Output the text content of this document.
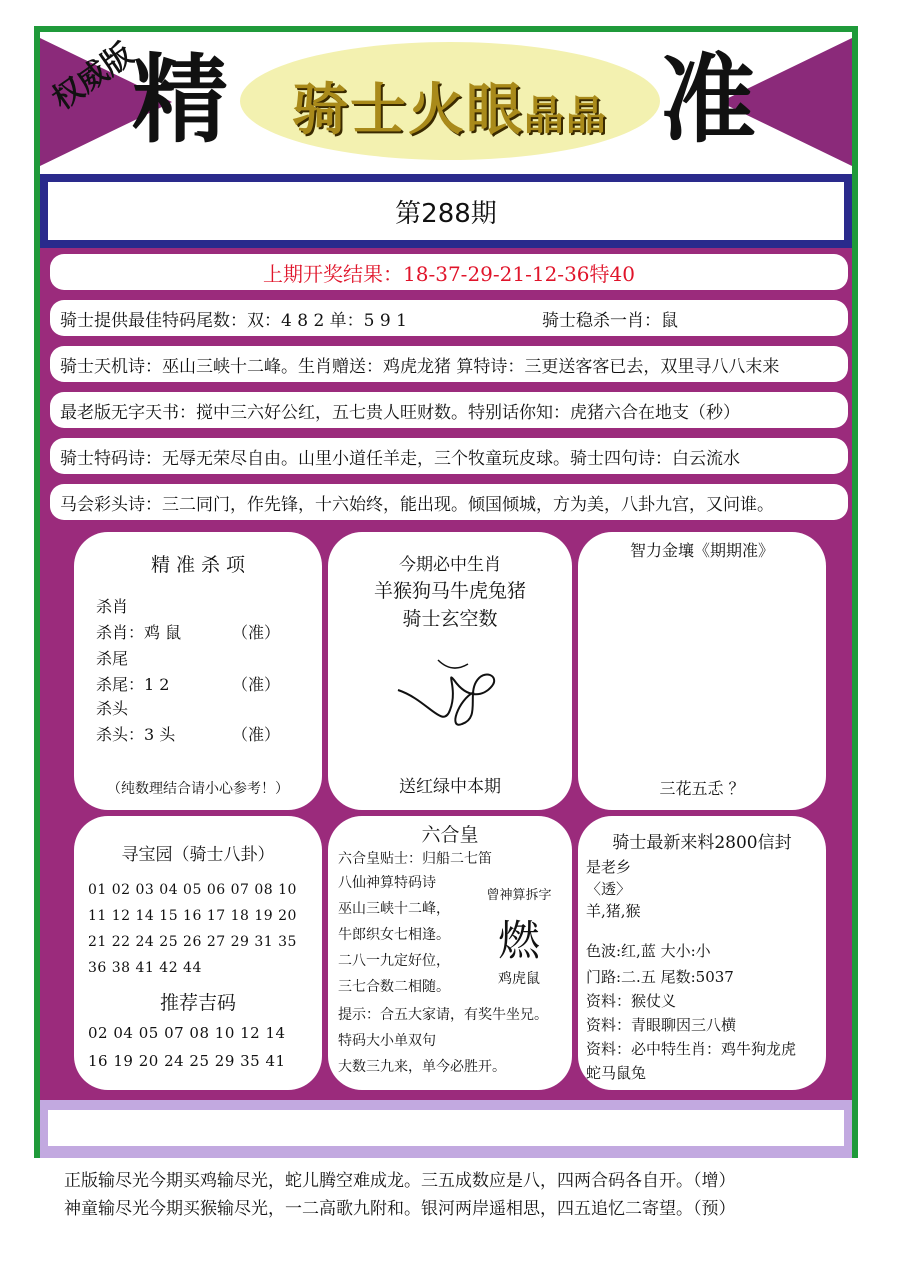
权威版
精	骑士火眼晶晶 准
第288期
上期开奖结果：18-37-29-21-12-36特40
骑士提供最佳特码尾数：双：4 8 2 单：5 9 1	骑士稳杀一肖：鼠
骑士天机诗：巫山三峡十二峰。生肖赠送：鸡虎龙猪 算特诗：三更送客客已去，双里寻八八末来
最老版无字天书：搅中三六好公红，五七贵人旺财数。特别话你知：虎猪六合在地支（秒）
骑士特码诗：无辱无荣尽自由。山里小道任羊走，三个牧童玩皮球。骑士四句诗：白云流水
马会彩头诗：三二同门，作先锋，十六始终，能出现。倾国倾城，方为美，八卦九宫，又问谁。
精 准 杀 项
杀肖
杀肖：鸡 鼠	（准）
杀尾
杀尾：1 2	（准）
杀头
杀头：3 头	（准）
（纯数理结合请小心参考！）
今期必中生肖
羊猴狗马牛虎兔猪
骑士玄空数
送红绿中本期
智力金壤《期期准》
三花五忎 ？
寻宝园（骑士八卦）
01 02 03 04 05 06 07 08 10
11 12 14 15 16 17 18 19 20
21 22 24 25 26 27 29 31 35
36 38 41 42 44
推荐吉码
02 04 05 07 08 10 12 14
16 19 20 24 25 29 35 41
六合皇
六合皇贴士：归船二七笛
八仙神算特码诗
巫山三峡十二峰，
牛郎织女七相逢。
二八一九定好位，
三七合数二相随。
提示：合五大家请，有奖牛坐兄。
特码大小单双句
大数三九来，单今必胜开。
曾神算拆字
燃
鸡虎鼠
骑士最新来料2800信封
是老乡
〈透〉
羊,猪,猴
色波:红,蓝 大小:小
门路:二.五 尾数:5037
资料：猴仗义
资料：青眼聊因三八横
资料：必中特生肖：鸡牛狗龙虎
蛇马鼠兔
正版输尽光今期买鸡输尽光，蛇儿腾空难成龙。三五成数应是八，四两合码各自开。（增）
神童输尽光今期买猴输尽光，一二高歌九附和。银河两岸遥相思，四五追忆二寄望。（预）
